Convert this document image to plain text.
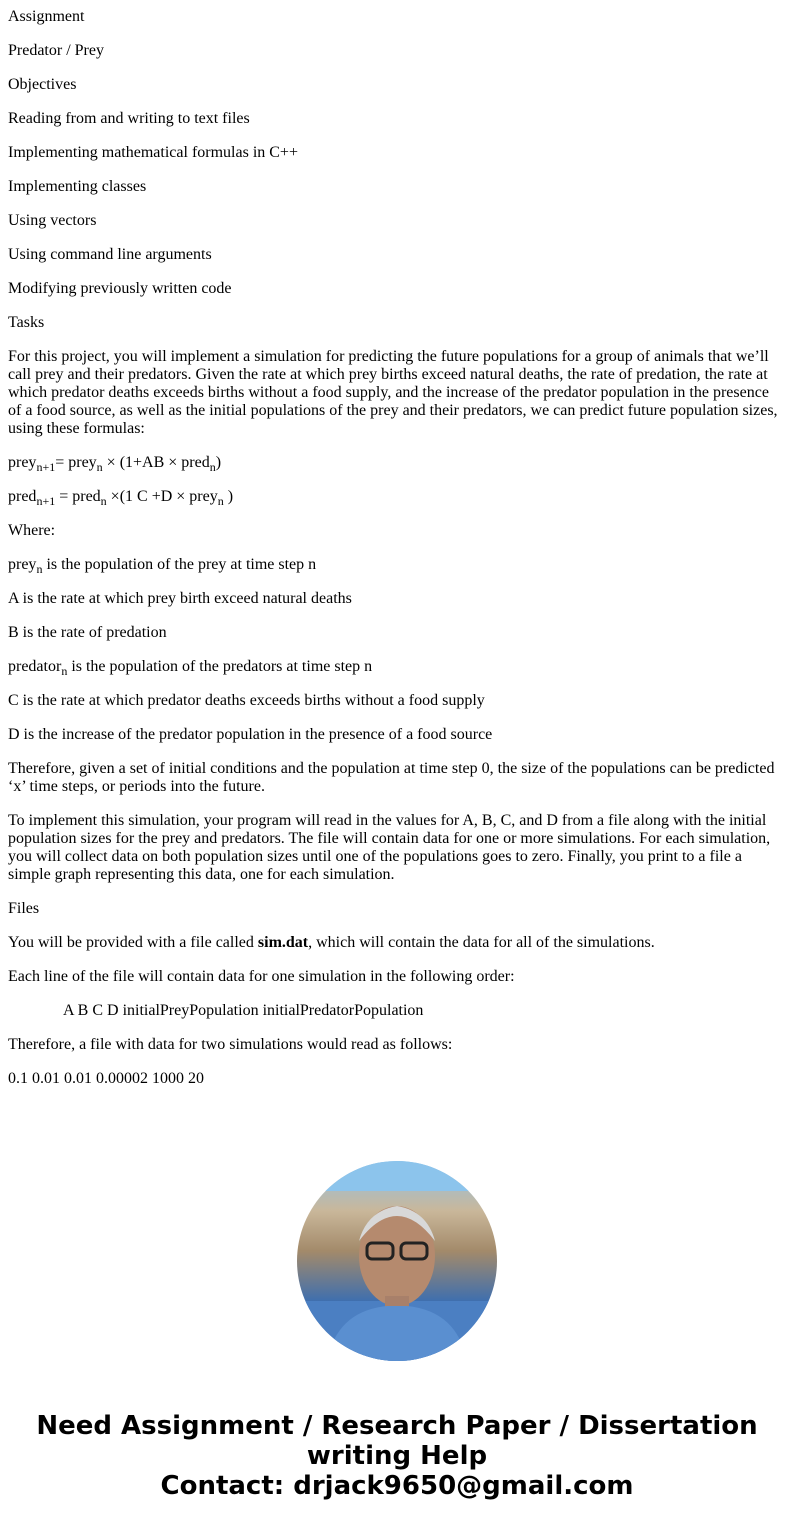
Assignment

Predator / Prey

Objectives

Reading from and writing to text files

Implementing mathematical formulas in C++

Implementing classes

Using vectors

Using command line arguments

Modifying previously written code

Tasks

For this project, you will implement a simulation for predicting the future populations for a group of animals that we’ll call prey and their predators. Given the rate at which prey births exceed natural deaths, the rate of predation, the rate at which predator deaths exceeds births without a food supply, and the increase of the predator population in the presence of a food source, as well as the initial populations of the prey and their predators, we can predict future population sizes, using these formulas:

prey$_{n+1}$= prey$_n$ × (1+AB × pred$_n$)

pred$_{n+1}$ = pred$_n$ ×(1 C +D × prey$_n$ )

Where:

prey$_n$ is the population of the prey at time step n

A is the rate at which prey birth exceed natural deaths

B is the rate of predation

predator$_n$ is the population of the predators at time step n

C is the rate at which predator deaths exceeds births without a food supply

D is the increase of the predator population in the presence of a food source

Therefore, given a set of initial conditions and the population at time step 0, the size of the populations can be predicted ‘x’ time steps, or periods into the future.

To implement this simulation, your program will read in the values for A, B, C, and D from a file along with the initial population sizes for the prey and predators. The file will contain data for one or more simulations. For each simulation, you will collect data on both population sizes until one of the populations goes to zero. Finally, you print to a file a simple graph representing this data, one for each simulation.

Files

You will be provided with a file called sim.dat, which will contain the data for all of the simulations.

Each line of the file will contain data for one simulation in the following order:

A B C D initialPreyPopulation initialPredatorPopulation

Therefore, a file with data for two simulations would read as follows:

0.1 0.01 0.01 0.00002 1000 20

Need Assignment / Research Paper / Dissertation writing Help
Contact: drjack9650@gmail.com
